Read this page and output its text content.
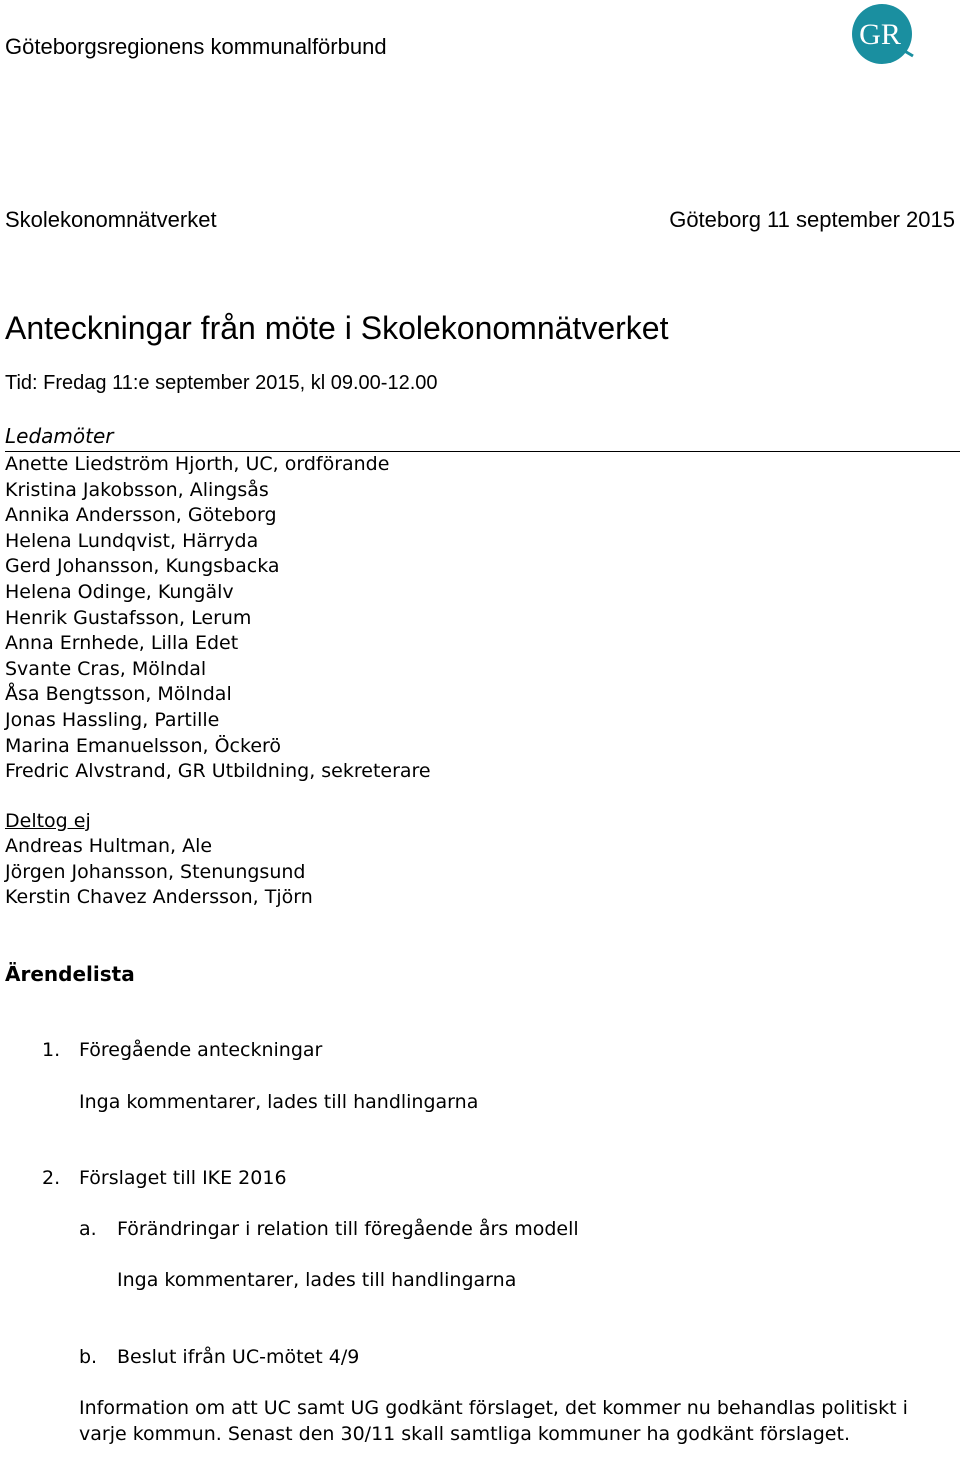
Göteborgsregionens kommunalförbund	GR
Skolekonomnätverket	Göteborg 11 september 2015
Anteckningar från möte i Skolekonomnätverket
Tid: Fredag 11:e september 2015, kl 09.00-12.00
Ledamöter
Anette Liedström Hjorth, UC, ordförande
Kristina Jakobsson, Alingsås
Annika Andersson, Göteborg
Helena Lundqvist, Härryda
Gerd Johansson, Kungsbacka
Helena Odinge, Kungälv
Henrik Gustafsson, Lerum
Anna Ernhede, Lilla Edet
Svante Cras, Mölndal
Åsa Bengtsson, Mölndal
Jonas Hassling, Partille
Marina Emanuelsson, Öckerö
Fredric Alvstrand, GR Utbildning, sekreterare
Deltog ej
Andreas Hultman, Ale
Jörgen Johansson, Stenungsund
Kerstin Chavez Andersson, Tjörn
Ärendelista
1. Föregående anteckningar
Inga kommentarer, lades till handlingarna
2. Förslaget till IKE 2016
a. Förändringar i relation till föregående års modell
Inga kommentarer, lades till handlingarna
b. Beslut ifrån UC-mötet 4/9
Information om att UC samt UG godkänt förslaget, det kommer nu behandlas politiskt i varje kommun. Senast den 30/11 skall samtliga kommuner ha godkänt förslaget.
